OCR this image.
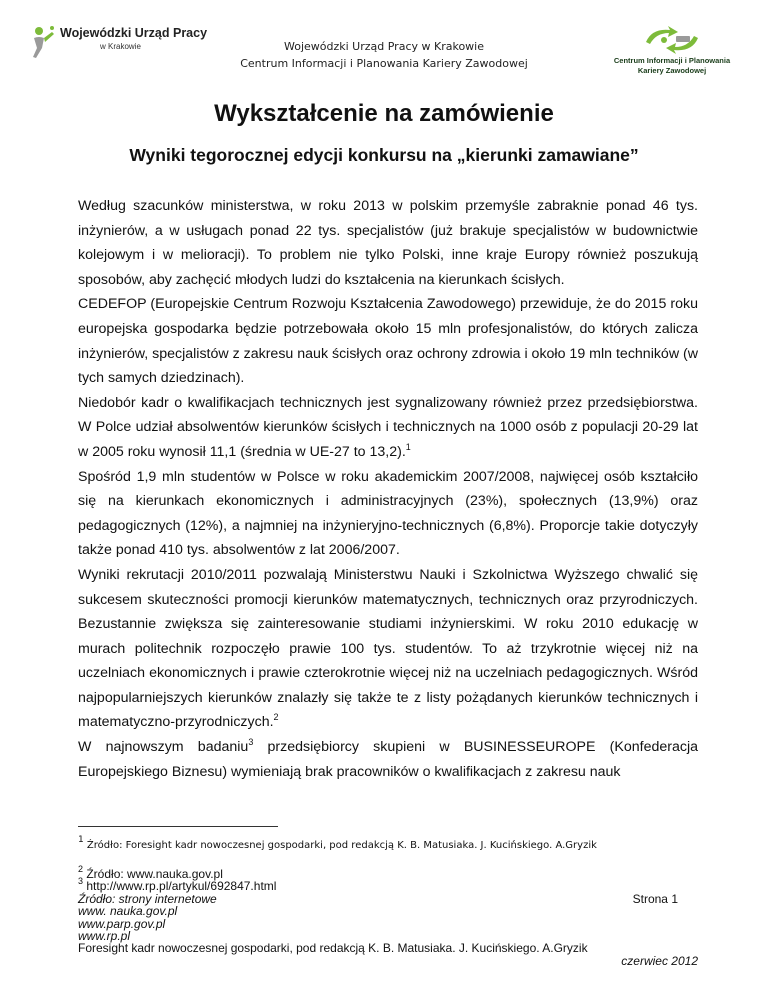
Wojewódzki Urząd Pracy
w Krakowie	Wojewódzki Urząd Pracy w Krakowie
Centrum Informacji i Planowania Kariery Zawodowej	Centrum Informacji i Planowania
Kariery Zawodowej
Wykształcenie na zamówienie
Wyniki tegorocznej edycji konkursu na „kierunki zamawiane”

Według szacunków ministerstwa, w roku 2013 w polskim przemyśle zabraknie ponad 46 tys. inżynierów, a w usługach ponad 22 tys. specjalistów (już brakuje specjalistów w budownictwie kolejowym i w melioracji). To problem nie tylko Polski, inne kraje Europy również poszukują sposobów, aby zachęcić młodych ludzi do kształcenia na kierunkach ścisłych.

CEDEFOP (Europejskie Centrum Rozwoju Kształcenia Zawodowego) przewiduje, że do 2015 roku europejska gospodarka będzie potrzebowała około 15 mln profesjonalistów, do których zalicza inżynierów, specjalistów z zakresu nauk ścisłych oraz ochrony zdrowia i około 19 mln techników (w tych samych dziedzinach).

Niedobór kadr o kwalifikacjach technicznych jest sygnalizowany również przez przedsiębiorstwa. W Polce udział absolwentów kierunków ścisłych i technicznych na 1000 osób z populacji 20-29 lat w 2005 roku wynosił 11,1 (średnia w UE-27 to 13,2).$^1$

Spośród 1,9 mln studentów w Polsce w roku akademickim 2007/2008, najwięcej osób kształciło się na kierunkach ekonomicznych i administracyjnych (23%), społecznych (13,9%) oraz pedagogicznych (12%), a najmniej na inżynieryjno-technicznych (6,8%). Proporcje takie dotyczyły także ponad 410 tys. absolwentów z lat 2006/2007.

Wyniki rekrutacji 2010/2011 pozwalają Ministerstwu Nauki i Szkolnictwa Wyższego chwalić się sukcesem skuteczności promocji kierunków matematycznych, technicznych oraz przyrodniczych. Bezustannie zwiększa się zainteresowanie studiami inżynierskimi. W roku 2010 edukację w murach politechnik rozpoczęło prawie 100 tys. studentów. To aż trzykrotnie więcej niż na uczelniach ekonomicznych i prawie czterokrotnie więcej niż na uczelniach pedagogicznych. Wśród najpopularniejszych kierunków znalazły się także te z listy pożądanych kierunków technicznych i matematyczno-przyrodniczych.$^2$

W najnowszym badaniu$^3$ przedsiębiorcy skupieni w BUSINESSEUROPE (Konfederacja Europejskiego Biznesu) wymieniają brak pracowników o kwalifikacjach z zakresu nauk

$^1$ Źródło: Foresight kadr nowoczesnej gospodarki, pod redakcją K. B. Matusiaka. J. Kucińskiego. A.Gryzik
$^2$ Źródło: www.nauka.gov.pl
$^3$ http://www.rp.pl/artykul/692847.html
Źródło: strony internetowe	Strona 1
www. nauka.gov.pl
www.parp.gov.pl
www.rp.pl
Foresight kadr nowoczesnej gospodarki, pod redakcją K. B. Matusiaka. J. Kucińskiego. A.Gryzik
czerwiec 2012
